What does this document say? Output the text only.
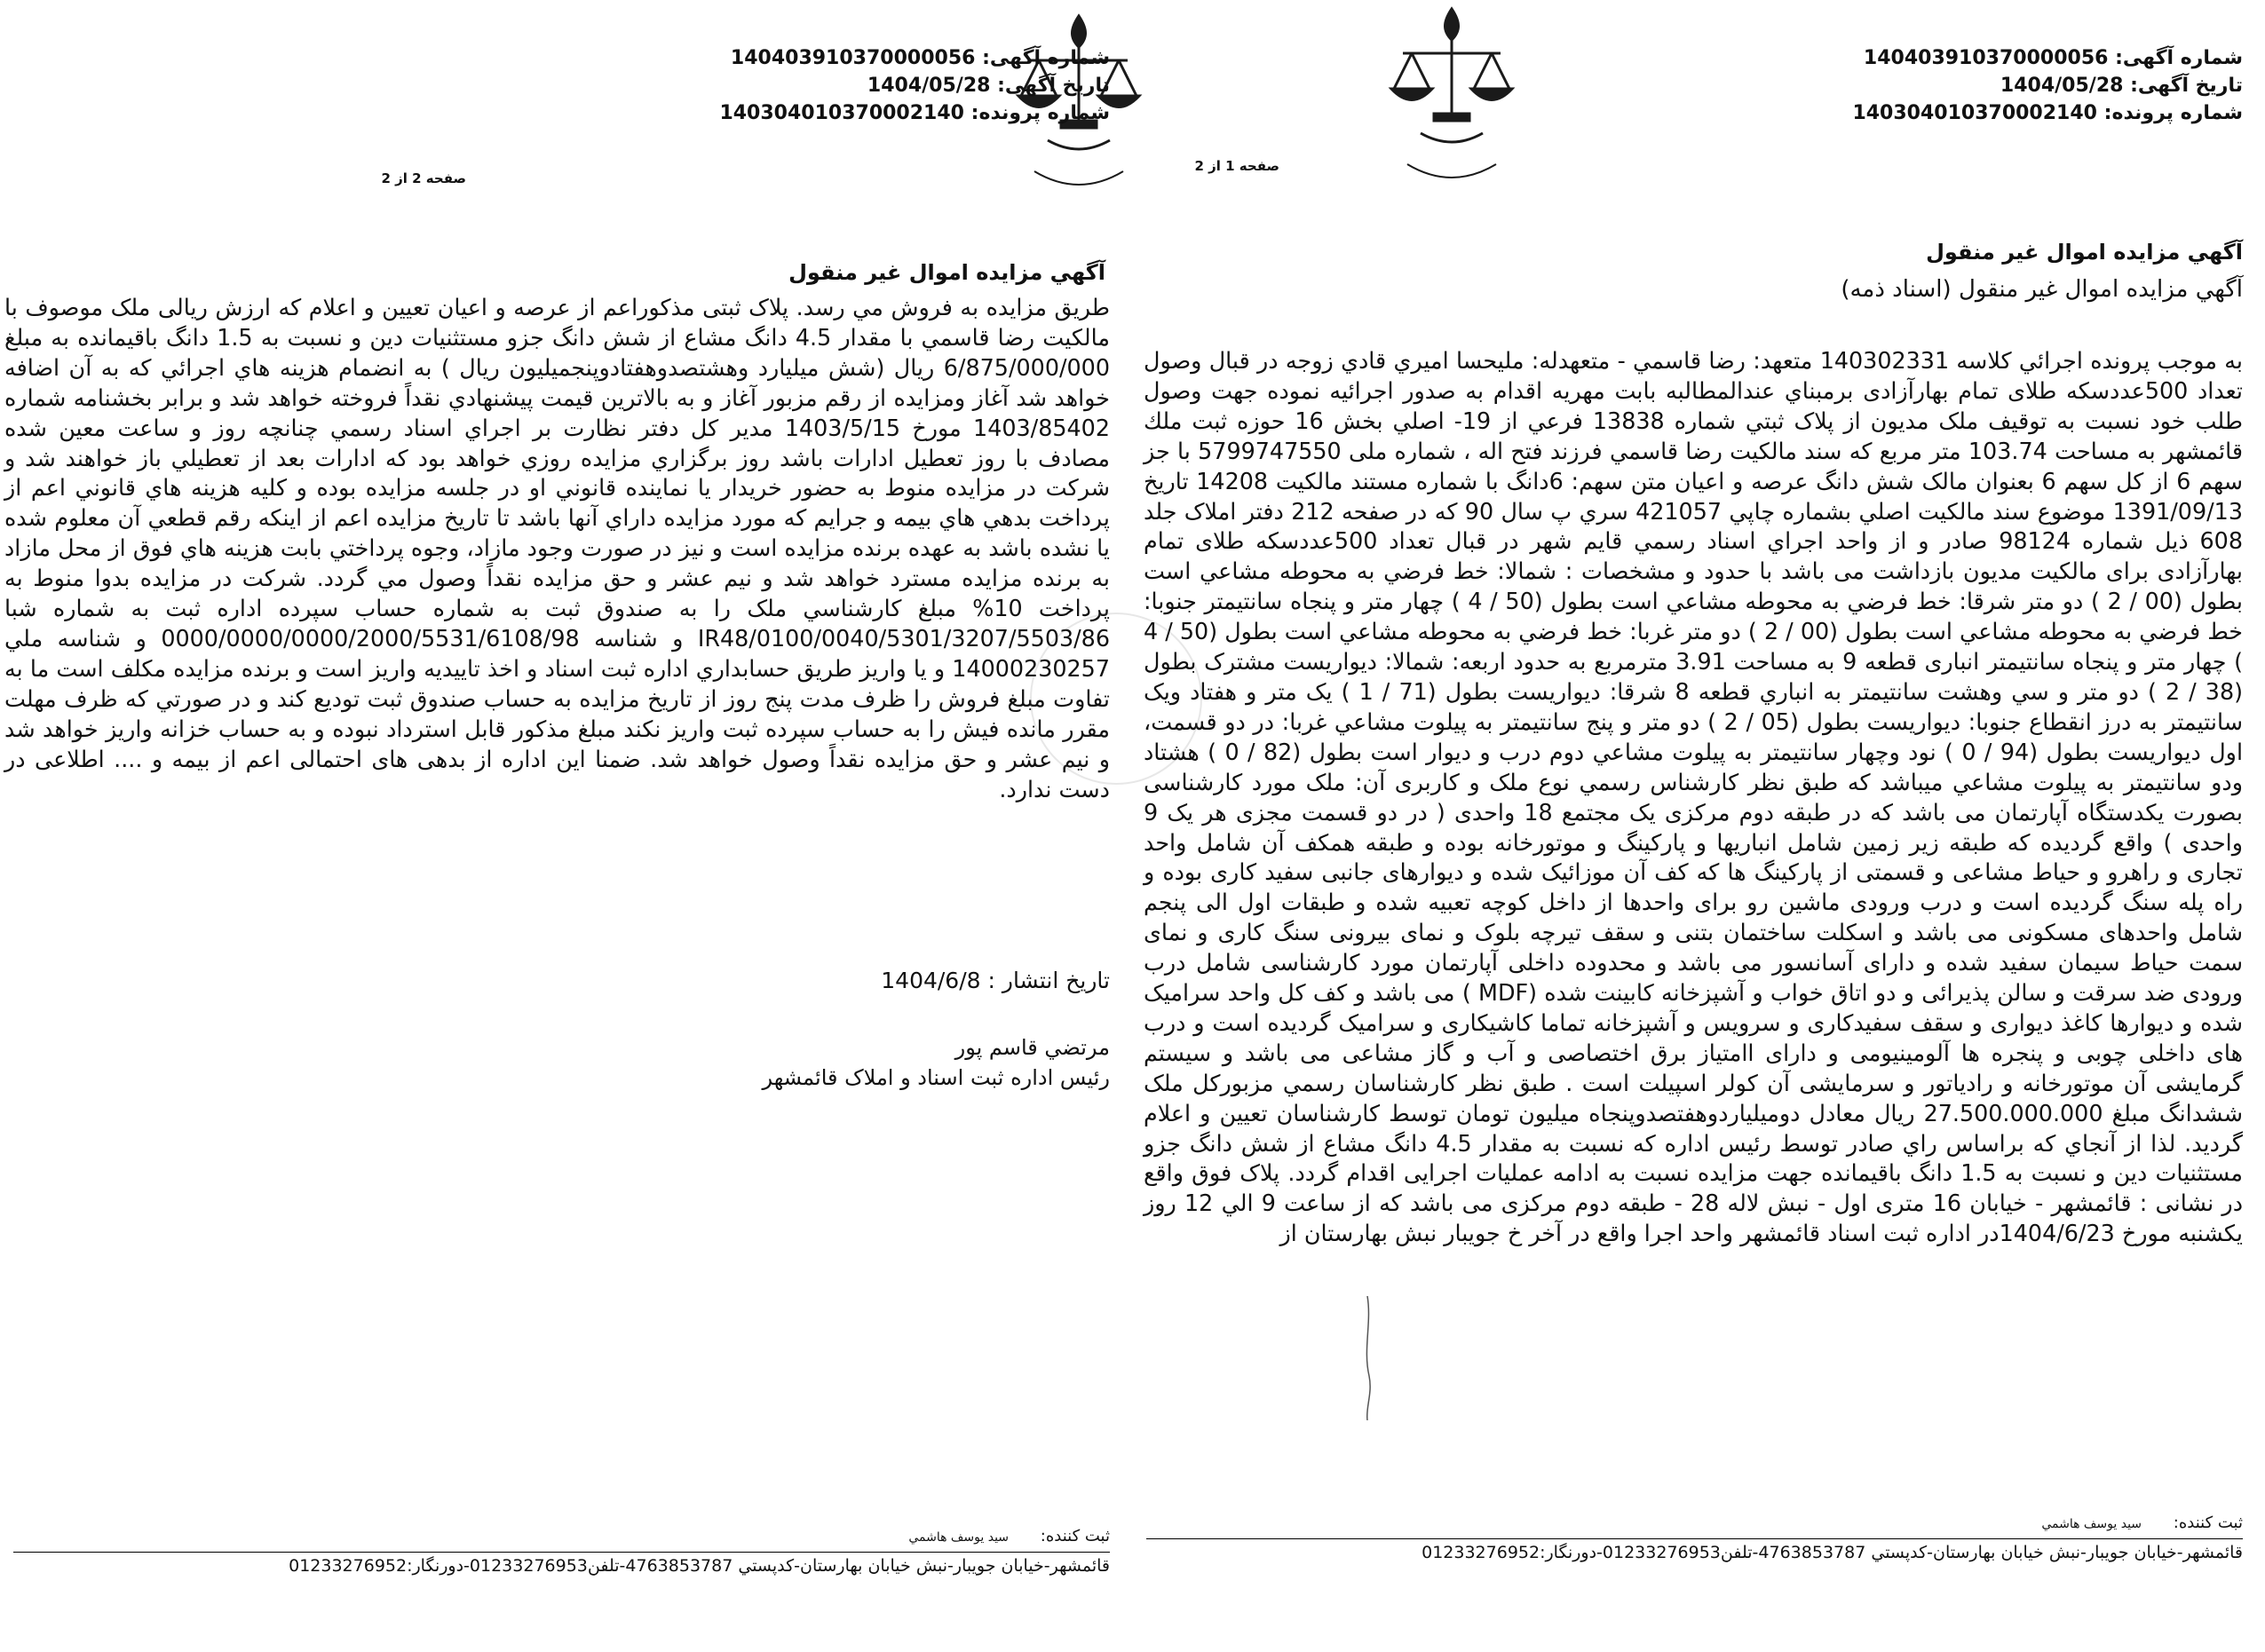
شماره آگهی: 140403910370000056
تاریخ آگهی: 1404/05/28
شماره پرونده: 140304010370002140
صفحه 2 از 2
آگهي مزايده اموال غير منقول

طريق مزايده به فروش مي رسد. پلاک ثبتی مذکوراعم از عرصه و اعيان تعيين و اعلام كه ارزش ريالی ملک موصوف با مالكيت رضا قاسمي با مقدار 4.5 دانگ مشاع از شش دانگ جزو مستثنیات دین و نسبت به 1.5 دانگ باقیمانده به مبلغ 6/875/000/000 ريال (شش میلیارد وهشتصدوهفتادوپنجمیلیون ریال ) به انضمام هزينه هاي اجرائي كه به آن اضافه خواهد شد آغاز ومزايده از رقم مزبور آغاز و به بالاترين قيمت پيشنهادي نقداً فروخته خواهد شد و برابر بخشنامه شماره 1403/85402 مورخ 1403/5/15 مدير كل دفتر نظارت بر اجراي اسناد رسمي چنانچه روز و ساعت معين شده مصادف با روز تعطيل ادارات باشد روز برگزاري مزايده روزي خواهد بود كه ادارات بعد از تعطيلي باز خواهند شد و شركت در مزايده منوط به حضور خريدار يا نماينده قانوني او در جلسه مزايده بوده و كليه هزينه هاي قانوني اعم از پرداخت بدهي هاي بيمه و جرايم كه مورد مزايده داراي آنها باشد تا تاريخ مزايده اعم از اينكه رقم قطعي آن معلوم شده يا نشده باشد به عهده برنده مزايده است و نيز در صورت وجود مازاد، وجوه پرداختي بابت هزينه هاي فوق از محل مازاد به برنده مزايده مسترد خواهد شد و نيم عشر و حق مزايده نقداً وصول مي گردد. شرکت در مزايده بدوا منوط به پرداخت 10% مبلغ کارشناسي ملک را به صندوق ثبت به شماره حساب سپرده اداره ثبت به شماره شبا IR48/0100/0040/5301/3207/5503/86 و شناسه 0000/0000/0000/2000/5531/6108/98 و شناسه ملي 14000230257 و يا واريز طريق حسابداري اداره ثبت اسناد و اخذ تاييديه واريز است و برنده مزايده مکلف است ما به تفاوت مبلغ فروش را ظرف مدت پنج روز از تاريخ مزايده به حساب صندوق ثبت توديع کند و در صورتي که ظرف مهلت مقرر مانده فيش را به حساب سپرده ثبت واريز نکند مبلغ مذکور قابل استرداد نبوده و به حساب خزانه واريز خواهد شد و نيم عشر و حق مزايده نقداً وصول خواهد شد. ضمنا اين اداره از بدهی های احتمالی اعم از بيمه و .... اطلاعی در دست ندارد.

تاریخ انتشار : 1404/6/8
مرتضي قاسم پور
رئيس اداره ثبت اسناد و املاک قائمشهر
ثبت كننده: سيد يوسف هاشمي
قائمشهر-خيابان جويبار-نبش خيابان بهارستان-كدپستي 4763853787-تلفن01233276953-دورنگار:01233276952
شماره آگهی: 140403910370000056
تاریخ آگهی: 1404/05/28
شماره پرونده: 140304010370002140
صفحه 1 از 2
آگهي مزايده اموال غير منقول
آگهي مزايده اموال غير منقول (اسناد ذمه)

به موجب پرونده اجرائي كلاسه 140302331 متعهد: رضا قاسمي - متعهدله: مليحسا اميري قادي زوجه در قبال وصول تعداد 500عددسکه طلای تمام بهارآزادی برمبناي عندالمطالبه بابت مهريه اقدام به صدور اجرائيه نموده جهت وصول طلب خود نسبت به توقيف ملک مديون از پلاک ثبتي شماره 13838 فرعي از 19- اصلي بخش 16 حوزه ثبت ملك قائمشهر به مساحت 103.74 متر مربع كه سند مالكيت رضا قاسمي فرزند فتح اله ، شماره ملی 5799747550 با جز سهم 6 از کل سهم 6 بعنوان مالک شش دانگ عرصه و اعيان متن سهم: 6دانگ با شماره مستند مالکيت 14208 تاريخ 1391/09/13 موضوع سند مالکيت اصلي بشماره چاپي 421057 سري پ سال 90 که در صفحه 212 دفتر املاک جلد 608 ذيل شماره 98124 صادر و از واحد اجراي اسناد رسمي قايم شهر در قبال تعداد 500عددسکه طلای تمام بهارآزادی برای مالکیت مدیون بازداشت می باشد با حدود و مشخصات : شمالا: خط فرضي به محوطه مشاعي است بطول (00 / 2 ) دو متر شرقا: خط فرضي به محوطه مشاعي است بطول (50 / 4 ) چهار متر و پنجاه سانتيمتر جنوبا: خط فرضي به محوطه مشاعي است بطول (00 / 2 ) دو متر غربا: خط فرضي به محوطه مشاعي است بطول (50 / 4 ) چهار متر و پنجاه سانتيمتر انباری قطعه 9 به مساحت 3.91 مترمربع به حدود اربعه: شمالا: ديواريست مشترک بطول (38 / 2 ) دو متر و سي وهشت سانتيمتر به انباري قطعه 8 شرقا: ديواريست بطول (71 / 1 ) يک متر و هفتاد ويک سانتيمتر به درز انقطاع جنوبا: ديواريست بطول (05 / 2 ) دو متر و پنج سانتيمتر به پيلوت مشاعي غربا: در دو قسمت، اول ديواريست بطول (94 / 0 ) نود وچهار سانتيمتر به پيلوت مشاعي دوم درب و ديوار است بطول (82 / 0 ) هشتاد ودو سانتيمتر به پيلوت مشاعي میباشد كه طبق نظر كارشناس رسمي نوع ملک و كاربری آن: ملک مورد کارشناسی بصورت یکدستگاه آپارتمان می باشد که در طبقه دوم مرکزی یک مجتمع 18 واحدی ( در دو قسمت مجزی هر یک 9 واحدی ) واقع گردیده که طبقه زیر زمین شامل انباریها و پارکینگ و موتورخانه بوده و طبقه همکف آن شامل واحد تجاری و راهرو و حیاط مشاعی و قسمتی از پارکینگ ها که کف آن موزائیک شده و دیوارهای جانبی سفید کاری بوده و راه پله سنگ گردیده است و درب ورودی ماشین رو برای واحدها از داخل کوچه تعبیه شده و طبقات اول الی پنجم شامل واحدهای مسکونی می باشد و اسکلت ساختمان بتنی و سقف تیرچه بلوک و نمای بیرونی سنگ کاری و نمای سمت حیاط سیمان سفید شده و دارای آسانسور می باشد و محدوده داخلی آپارتمان مورد کارشناسی شامل درب ورودی ضد سرقت و سالن پذیرائی و دو اتاق خواب و آشپزخانه کابینت شده (MDF ) می باشد و کف کل واحد سرامیک شده و دیوارها کاغذ دیواری و سقف سفیدکاری و سرویس و آشپزخانه تماما کاشیکاری و سرامیک گردیده است و درب های داخلی چوبی و پنجره ها آلومینیومی و دارای اامتیاز برق اختصاصی و آب و گاز مشاعی می باشد و سیستم گرمایشی آن موتورخانه و رادیاتور و سرمایشی آن کولر اسپیلت است . طبق نظر کارشناسان رسمي مزبورکل ملک ششدانگ مبلغ 27.500.000.000 ريال معادل دومیلیاردوهفتصدوپنجاه میلیون تومان توسط کارشناسان تعيين و اعلام گرديد. لذا از آنجاي كه براساس راي صادر توسط رئيس اداره كه نسبت به مقدار 4.5 دانگ مشاع از شش دانگ جزو مستثنیات دین و نسبت به 1.5 دانگ باقیمانده جهت مزایده نسبت به ادامه عملیات اجرایی اقدام گردد. پلاک فوق واقع در نشانی : قائمشهر - خیابان 16 متری اول - نبش لاله 28 - طبقه دوم مرکزی می باشد که از ساعت 9 الي 12 روز يکشنبه مورخ 1404/6/23در اداره ثبت اسناد قائمشهر واحد اجرا واقع در آخر خ جويبار نبش بهارستان از

ثبت كننده: سيد يوسف هاشمي
قائمشهر-خيابان جويبار-نبش خيابان بهارستان-كدپستي 4763853787-تلفن01233276953-دورنگار:01233276952
